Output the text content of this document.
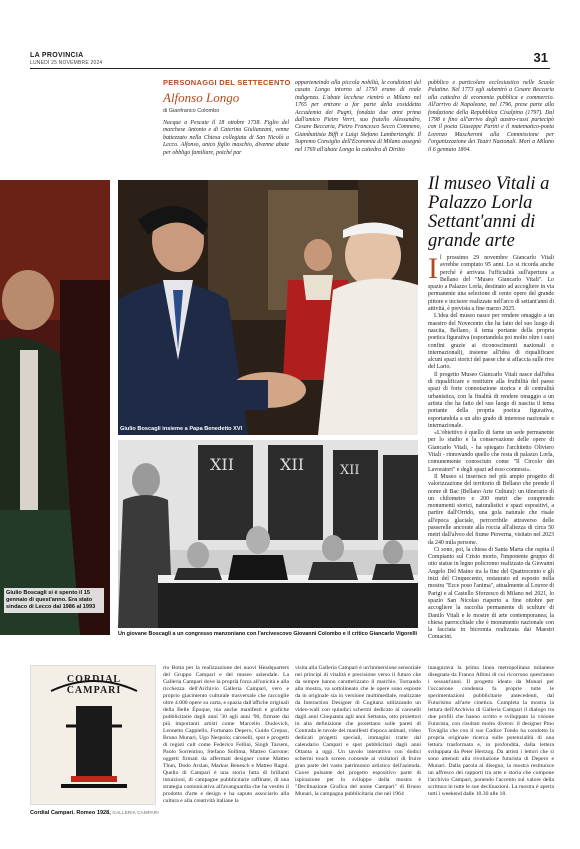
LA PROVINCIA
LUNEDÌ 25 NOVEMBRE 2024	31
PERSONAGGI DEL SETTECENTO
Alfonso Longo
di Gianfranco Colombo
Nacque a Pescate il 18 ottobre 1738. Figlio del marchese Antonio e di Caterina Giulianzani, venne battezzato nella Chiesa collegiata di San Nicolò a Lecco. Alfonso, unico figlio maschio, divenne abate per obbligo familiare, poiché par
apparteneindo alla piccola nobiltà, le condizioni del casato Longo intorno al 1750 erano di reale indigenza. L'abate lecchese rientrò a Milano nel 1765 per entrare a far parte della cosiddetta Accademia dei Pugni, fondata due anni prima dall'amico Pietro Verri, suo fratello Alessandro, Cesare Beccaria, Pietro Francesco Secco Comneno, Giambattista Biffi e Luigi Stefano Lambertenghi. Il Supremo Consiglio dell'Economia di Milano assegnò nel 1769 all'abate Longo la cattedra di Diritto
pubblico e particolare ecclesiastico nelle Scuole Palatine. Nel 1773 egli subentrò a Cesare Beccaria alla cattedra di economia pubblica e commercio. All'arrivo di Napoleone, nel 1796, prese parte alla fondazione della Repubblica Cisalpina (1797). Dal 1798 e fino all'arrivo degli austro-russi partecipò con il poeta Giuseppe Parini e il matematico-poeta Lorenzo Mascheroni alla Commissione per l'organizzazione dei Teatri Nazionali. Morì a Milano il 6 gennaio 1804.
Giulio Boscagli si è spento il 15 gennaio di quest'anno. Era stato sindaco di Lecco dal 1986 al 1993
Giulio Boscagli insieme a Papa Benedetto XVI
XII	XII	XII
Un giovane Boscagli a un congresso manzoniano con l'arcivescovo Giovanni Colombo e il critico Giancarlo Vigorelli
Il museo Vitali a Palazzo Lorla Settant'anni di grande arte
I l prossimo 29 novembre Giancarlo Vitali avrebbe compiuto 95 anni. Lo si ricorda anche perché è arrivata l'ufficialità sull'apertura a Bellano del "Museo Giancarlo Vitali". Lo spazio a Palazzo Lorla, destinato ad accogliere in via permanente una selezione di cento opere del grande pittore e incisore realizzate nell'arco di settant'anni di attività, è prevista a fine marzo 2025.

L'idea del museo nasce per rendere omaggio a un maestro del Novecento che ha fatto del suo luogo di nascita, Bellano, il tema portante della propria poetica figurativa (esportandola poi molto oltre i suoi confini grazie ai riconoscimenti nazionali e internazionali), insieme all'idea di riqualificare alcuni spazi storici del paese che si affaccia sulle rive del Lario.

Il progetto Museo Giancarlo Vitali nasce dall'idea di riqualificare e restituire alla fruibilità del paese spazi di forte connotazione storica e di centralità urbanistica, con la finalità di rendere omaggio a un artista che ha fatto del suo luogo di nascita il tema portante della propria poetica figurativa, esportandola a un alto grado di interesse nazionale e internazionale.

«L'obiettivo è quello di farne un sede permanente per lo studio e la conservazione delle opere di Giancarlo Vitali, - ha spiegato l'architetto Oliviero Vitali - rinnovando quello che resta di palazzo Lorla, comunemente conosciuto come "Il Circolo dei Lavoratori" e degli spazi ad esso connessi».

Il Museo si inserisce nel più ampio progetto di valorizzazione del territorio di Bellano che prende il nome di Bac (Bellano Arte Cultura): un itinerario di un chilometro e 200 metri che comprende monumenti storici, naturalistici e spazi espositivi, a partire dall'Orrido, una gola naturale che risale all'epoca glaciale, percorribile attraverso delle passerelle ancorate alla roccia all'altezza di circa 50 metri dall'alveo del fiume Pioverna, visitato nel 2023 da 240 mila persone.

Ci sono, poi, la chiesa di Santa Marta che ospita il Compianto sul Cristo morto, l'imponente gruppo di otto statue in legno policromo realizzato da Giovanni Angelo Del Maino tra la fine del Quattrocento e gli inizi del Cinquecento, restaurato ed esposto nella mostra "Ecce poso l'anima", attualmente al Louvre di Parigi e al Castello Sforzesco di Milano nel 2021, lo spazio San Nicolao riaperto a fine ottobre per accogliere la raccolta permanente di sculture di Danilo Vitali e le mostre di arte contemporanea; la chiesa parrocchiale che è monumento nazionale con la facciata in bicromia realizzata dai Maestri Comacini.

CORDIAL CAMPARI
Cordial Campari. Romeo 1928, GALLERIA CAMPARI
rio Botta per la realizzazione dei nuovi Headquarters del Gruppo Campari e del museo aziendale. La Galleria Campari dove la proprià forza all'unicità e alla ricchezza dell'Archivio Galleria Campari, vero e proprio giacimento culturale trasversale che raccoglie oltre 4.000 opere su carta, e spazia dall'affiche originali della Belle Époque, ma anche manifesti e grafiche pubblicitarie dagli anni '30 agli anni '90, firmate dai più importanti artisti come Marcello Dudovich, Leonetto Cappiello, Fortunato Depero, Guido Crepax, Bruno Munari, Ugo Nespolo; caroselli, spot e progetti di registi cult come Federico Fellini, Singh Tarsem, Paolo Sorrentino, Stefano Sollima, Matteo Garrone; oggetti firmati da affermati designer come Matteo Thun, Dodo Arslan, Markus Benesch e Matteo Ragni. Quello di Campari è una storia fatta di brillanti intuizioni, di campagne pubblicitarie raffinate, di una strategia comunicativa all'avanguardia che ha vestito il prodotto d'arte e design e ha saputo associarlo alla cultura e alla creatività italiane la
visita alla Galleria Campari è un'immersione sensoriale nei principi di vitalità e precisione verso il futuro che da sempre hanno caratterizzato il marchio. Tornando alla mostra, va sottolineato che le opere sono esposte da in originale sia in versione multimediale, realizzate da Interaction Designer di Cogitanz utilizzando un video-wall con quindici schermi dedicato ai caroselli dagli anni Cinquanta agli anni Settanta, otto proiettori in alta definizione che proiettano sulle pareti di Contrada le tavole dei manifesti d'epoca animati, video dedicati progetti speciali, immagini tratte dal calendario Campari e spot pubblicitari dagli anni Ottanta a oggi. Un tavolo interattivo con dodici schermi touch screen consente ai visitatori di fruire gran parte del vasto patrimonio artistico dell'azienda. Cuore pulsante del progetto espositivo parte di ispirazione per lo sviluppo della mostra è "Declinazione Grafica del nome Campari" di Bruno Munari, la campagna pubblicitaria che nel 1964
inaugurava la prima linea metropolitana milanese disegnata da Franco Albini di cui ricorrono quest'anno i sessant'anni. Il progetto ideato da Munari per l'occasione condensa fa proprie tutte le sperimentazioni pubblicitarie antecedenti, dal Futurismo all'arte cinetica. Completa la mostra la lettura dell'Archivio di Galleria Campari il dialogo tra due profili che hanno scritto e sviluppato la visione Futurista, con risultati molto diversi: il designer Pino Tovaglia che con il suo Codice Tondo ha condotto la propria originale ricerca sulle potenzialità di una lettura trasformata e, in profondità, dalla lettera sviluppata da Peter Hertzog. Da artisti i lettori che si sono attenuti alla rivoluzione futurista di Depero e Munari. Dalla parola al disegno, la mostra restituisce un affresco dei rapporti tra arte e storia che compone l'archivio Campari, ponendo l'accento sul valore della scrittura in tutte le sue declinazioni. La mostra è aperta tutti i weekend dalle 10.30 alle 18.
